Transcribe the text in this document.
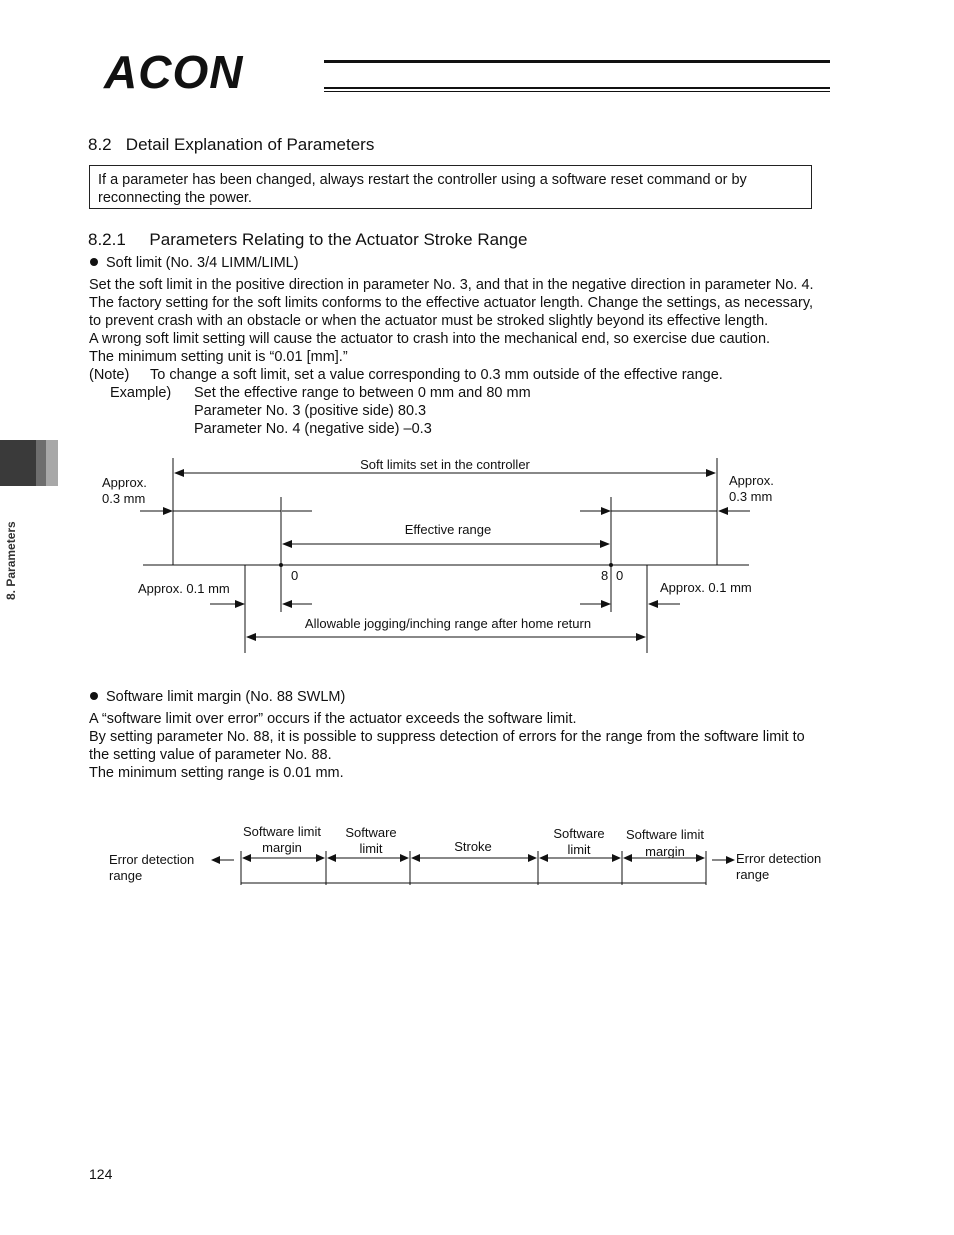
ACON
8.2   Detail Explanation of Parameters
If a parameter has been changed, always restart the controller using a software reset command or by
reconnecting the power.
8.2.1     Parameters Relating to the Actuator Stroke Range
Soft limit (No. 3/4 LIMM/LIML)
Set the soft limit in the positive direction in parameter No. 3, and that in the negative direction in parameter No. 4.
The factory setting for the soft limits conforms to the effective actuator length. Change the settings, as necessary,
to prevent crash with an obstacle or when the actuator must be stroked slightly beyond its effective length.
A wrong soft limit setting will cause the actuator to crash into the mechanical end, so exercise due caution.
The minimum setting unit is “0.01 [mm].”
(Note) To change a soft limit, set a value corresponding to 0.3 mm outside of the effective range.
Example) Set the effective range to between 0 mm and 80 mm
Parameter No. 3 (positive side) 80.3
Parameter No. 4 (negative side) –0.3
Soft limits set in the controller
Approx.
0.3 mm
Approx.
0.3 mm
Effective range
0	8 0
Approx. 0.1 mm	Approx. 0.1 mm
Allowable jogging/inching range after home return
Software limit margin (No. 88 SWLM)
A “software limit over error” occurs if the actuator exceeds the software limit.
By setting parameter No. 88, it is possible to suppress detection of errors for the range from the software limit to
the setting value of parameter No. 88.
The minimum setting range is 0.01 mm.
Error detection
range
Software limit
margin
Software
limit	Stroke
Software
limit
Software limit
margin	Error detection
range
8. Parameters
124
